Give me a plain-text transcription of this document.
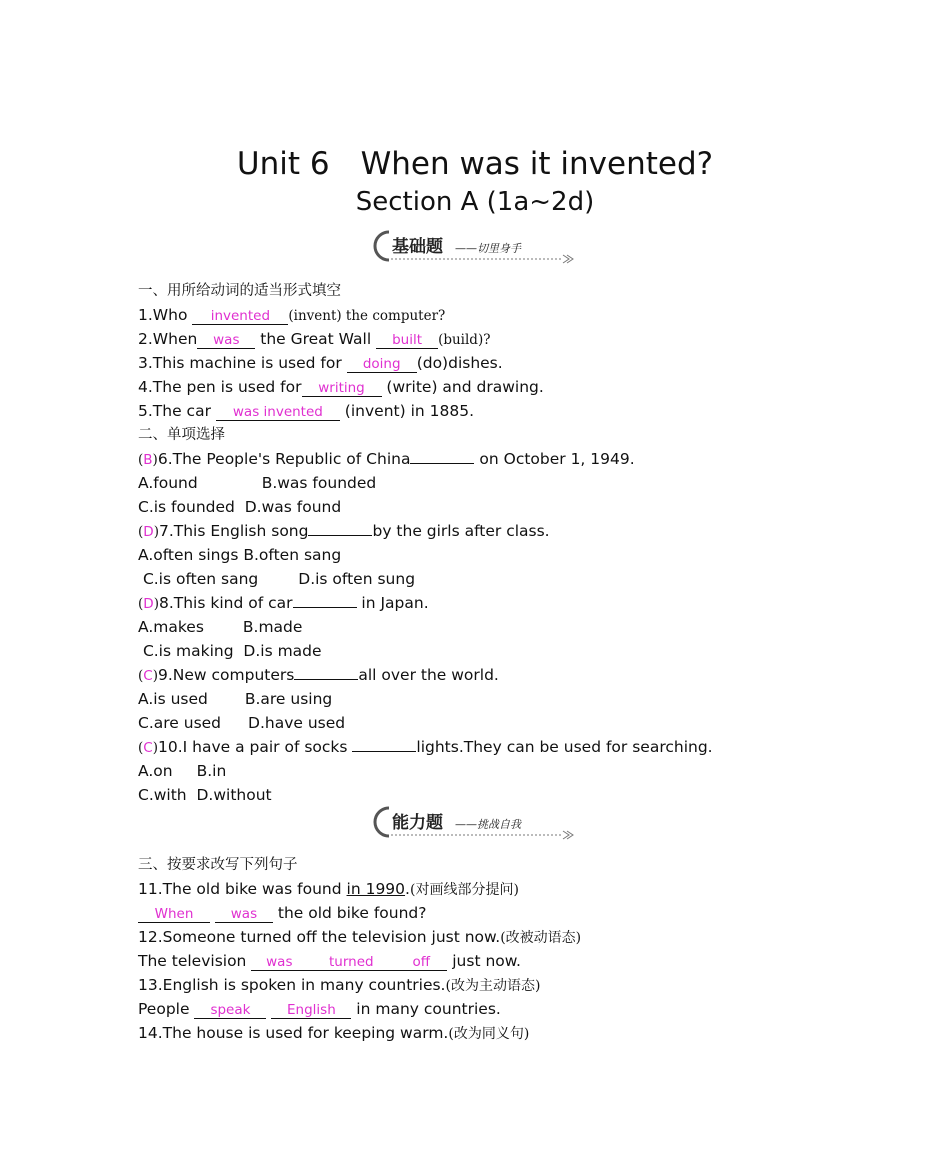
Unit 6　When was it invented?
Section A (1a~2d)
基础题 ——切里身手
一、用所给动词的适当形式填空
1.Who invented (invent) the computer?
2.When was the Great Wall built (build)?
3.This machine is used for doing (do)dishes.
4.The pen is used for writing (write) and drawing.
5.The car was invented (invent) in 1885.
二、单项选择
(B)6.The People's Republic of China	on October 1, 1949.
A.found	B.was founded
C.is founded D.was found
(D)7.This English song	by the girls after class.
A.often sings B.often sang
C.is often sang	D.is often sung
(D)8.This kind of car	in Japan.
A.makes	B.made
C.is making D.is made
(C)9.New computers	all over the world.
A.is used B.are using
C.are used D.have used
(C)10.I have a pair of socks	lights.They can be used for searching.
A.on B.in
C.with D.without
能力题 ——挑战自我
三、按要求改写下列句子
11.The old bike was found in 1990.(对画线部分提问)
When	was the old bike found?
12.Someone turned off the television just now.(改被动语态)
The television was	turned	off just now.
13.English is spoken in many countries.(改为主动语态)
People speak	English in many countries.
14.The house is used for keeping warm.(改为同义句)
